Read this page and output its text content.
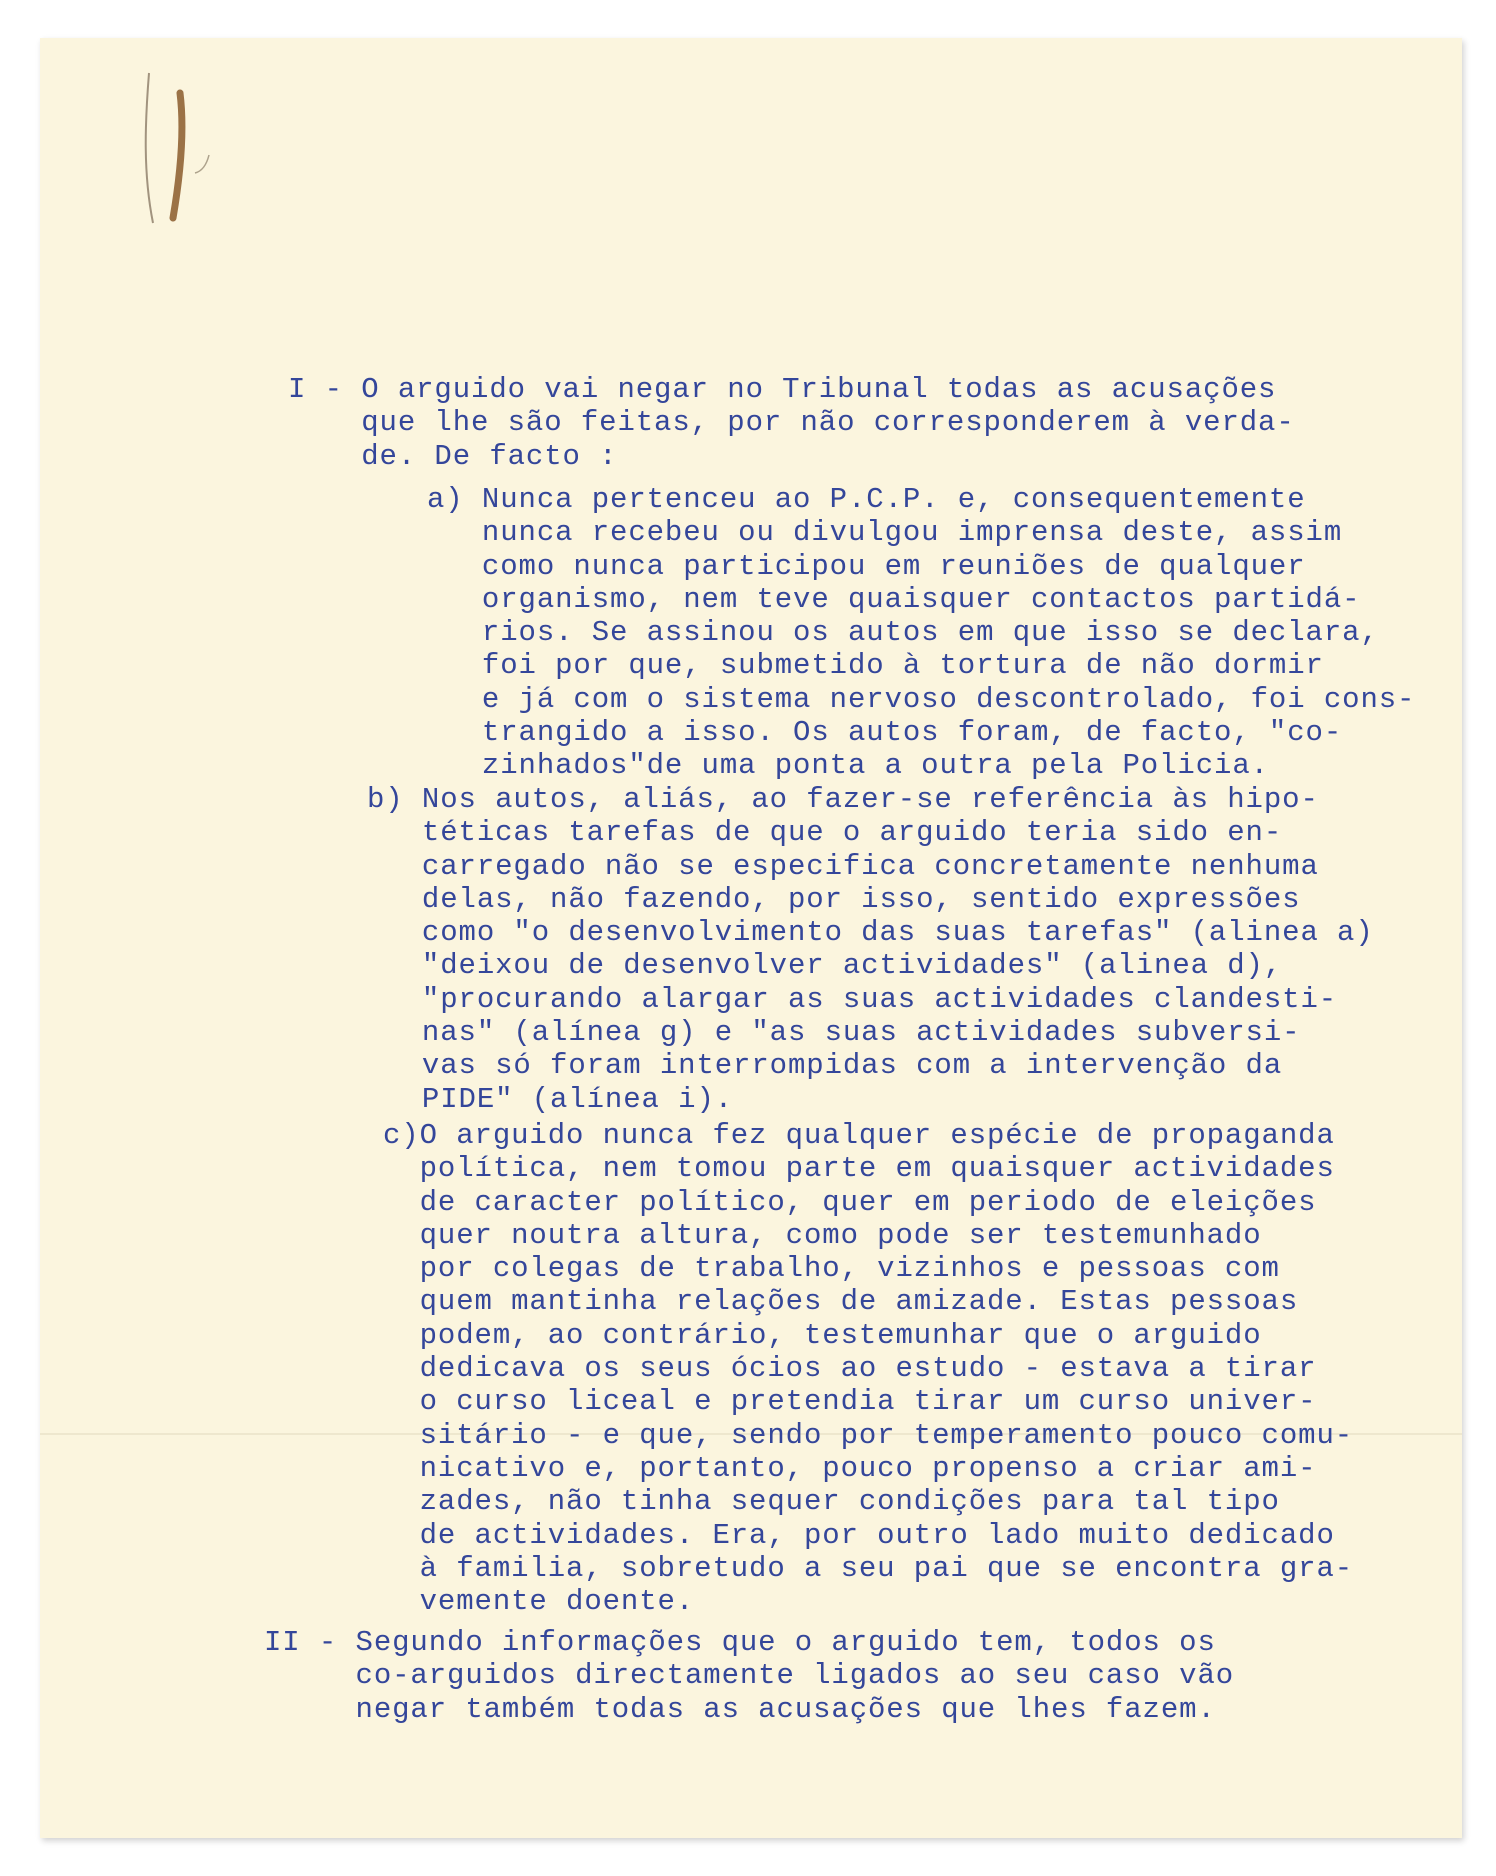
I - O arguido vai negar no Tribunal todas as acusações
que lhe são feitas, por não corresponderem à verda-
de. De facto :
a) Nunca pertenceu ao P.C.P. e, consequentemente
nunca recebeu ou divulgou imprensa deste, assim
como nunca participou em reuniões de qualquer
organismo, nem teve quaisquer contactos partidá-
rios. Se assinou os autos em que isso se declara,
foi por que, submetido à tortura de não dormir
e já com o sistema nervoso descontrolado, foi cons-
trangido a isso. Os autos foram, de facto, "co-
zinhados"de uma ponta a outra pela Policia.
b) Nos autos, aliás, ao fazer-se referência às hipo-
téticas tarefas de que o arguido teria sido en-
carregado não se especifica concretamente nenhuma
delas, não fazendo, por isso, sentido expressões
como "o desenvolvimento das suas tarefas" (alinea a)
"deixou de desenvolver actividades" (alinea d),
"procurando alargar as suas actividades clandesti-
nas" (alínea g) e "as suas actividades subversi-
vas só foram interrompidas com a intervenção da
PIDE" (alínea i).
c)O arguido nunca fez qualquer espécie de propaganda
política, nem tomou parte em quaisquer actividades
de caracter político, quer em periodo de eleições
quer noutra altura, como pode ser testemunhado
por colegas de trabalho, vizinhos e pessoas com
quem mantinha relações de amizade. Estas pessoas
podem, ao contrário, testemunhar que o arguido
dedicava os seus ócios ao estudo - estava a tirar
o curso liceal e pretendia tirar um curso univer-
sitário - e que, sendo por temperamento pouco comu-
nicativo e, portanto, pouco propenso a criar ami-
zades, não tinha sequer condições para tal tipo
de actividades. Era, por outro lado muito dedicado
à familia, sobretudo a seu pai que se encontra gra-
vemente doente.
II - Segundo informações que o arguido tem, todos os
co-arguidos directamente ligados ao seu caso vão
negar também todas as acusações que lhes fazem.
